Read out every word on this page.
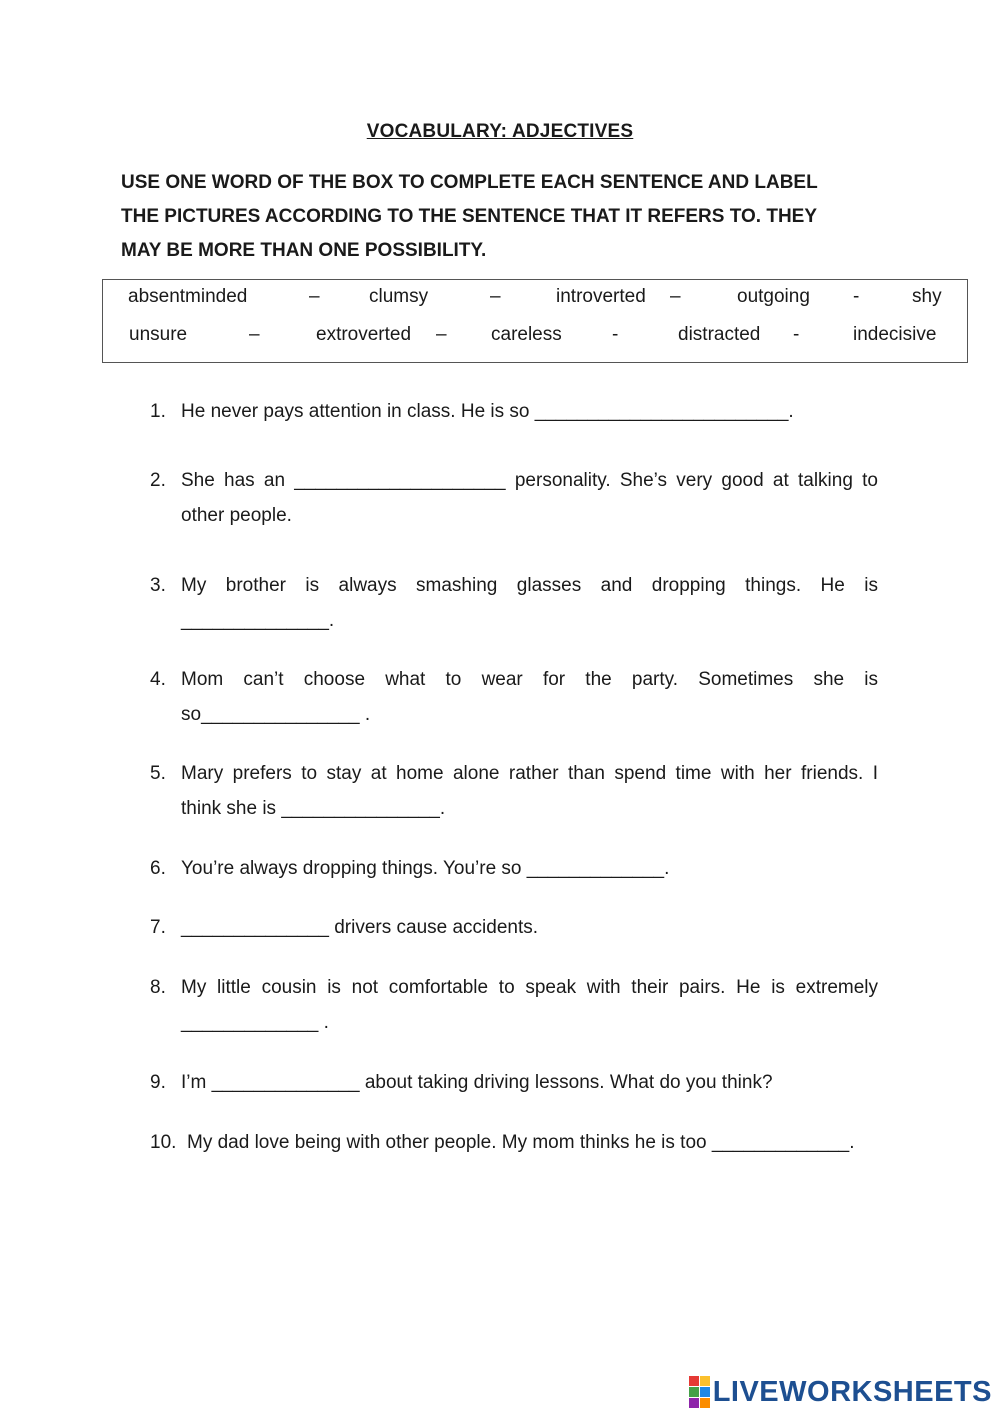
VOCABULARY: ADJECTIVES
USE ONE WORD OF THE BOX TO COMPLETE EACH SENTENCE AND LABEL
THE PICTURES ACCORDING TO THE SENTENCE THAT IT REFERS TO. THEY
MAY BE MORE THAN ONE POSSIBILITY.
absentminded	–	clumsy	–	introverted –	outgoing -	shy
unsure	–	extroverted – careless	-	distracted -	indecisive
1. He never pays attention in class. He is so ________________________.
2. She has an ____________________ personality. She’s very good at talking to
other people.
3. My brother is always smashing glasses and dropping things. He is
______________.
4. Mom can’t choose what to wear for the party. Sometimes she is
so_______________ .
5. Mary prefers to stay at home alone rather than spend time with her friends. I
think she is _______________.
6. You’re always dropping things. You’re so _____________.
7. ______________ drivers cause accidents.
8. My little cousin is not comfortable to speak with their pairs. He is extremely
_____________ .
9. I’m ______________ about taking driving lessons. What do you think?
10. My dad love being with other people. My mom thinks he is too _____________.
LIVEWORKSHEETS
